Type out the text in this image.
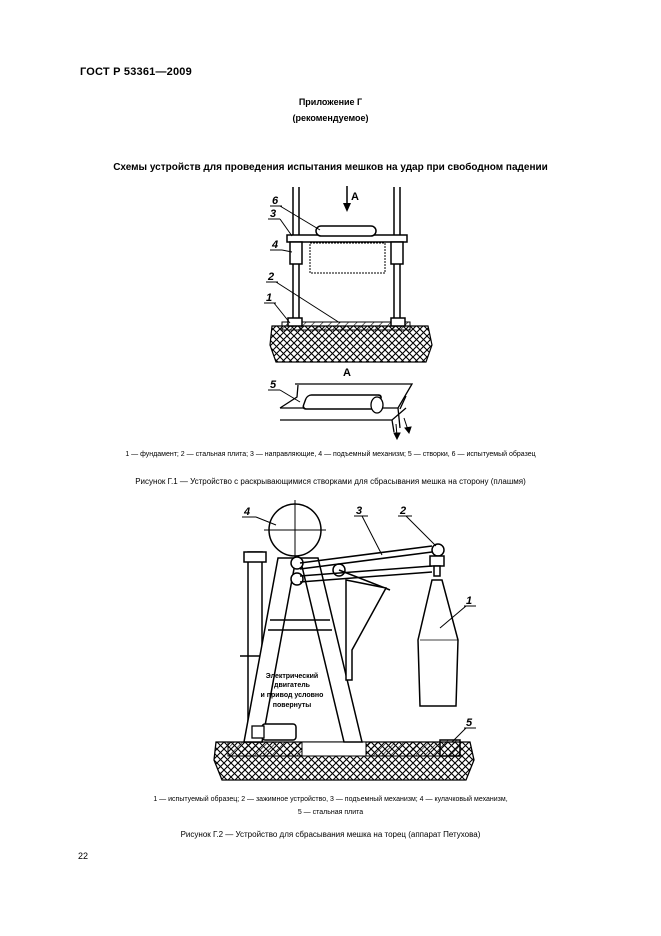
ГОСТ Р 53361—2009
Приложение Г
(рекомендуемое)
Схемы устройств для проведения испытания мешков на удар при свободном падении
А
6
3
4
2
1
А
5
1 — фундамент; 2 — стальная плита; 3 — направляющие, 4 — подъемный механизм; 5 — створки, 6 — испытуемый образец
Рисунок Г.1 — Устройство с раскрывающимися створками для сбрасывания мешка на сторону (плашмя)
Электрический
двигатель
и привод условно
повернуты
4	3	2
1
5
1 — испытуемый образец; 2 — зажимное устройство, 3 — подъемный механизм; 4 — кулачковый механизм,
5 — стальная плита
Рисунок Г.2 — Устройство для сбрасывания мешка на торец (аппарат Петухова)
22
